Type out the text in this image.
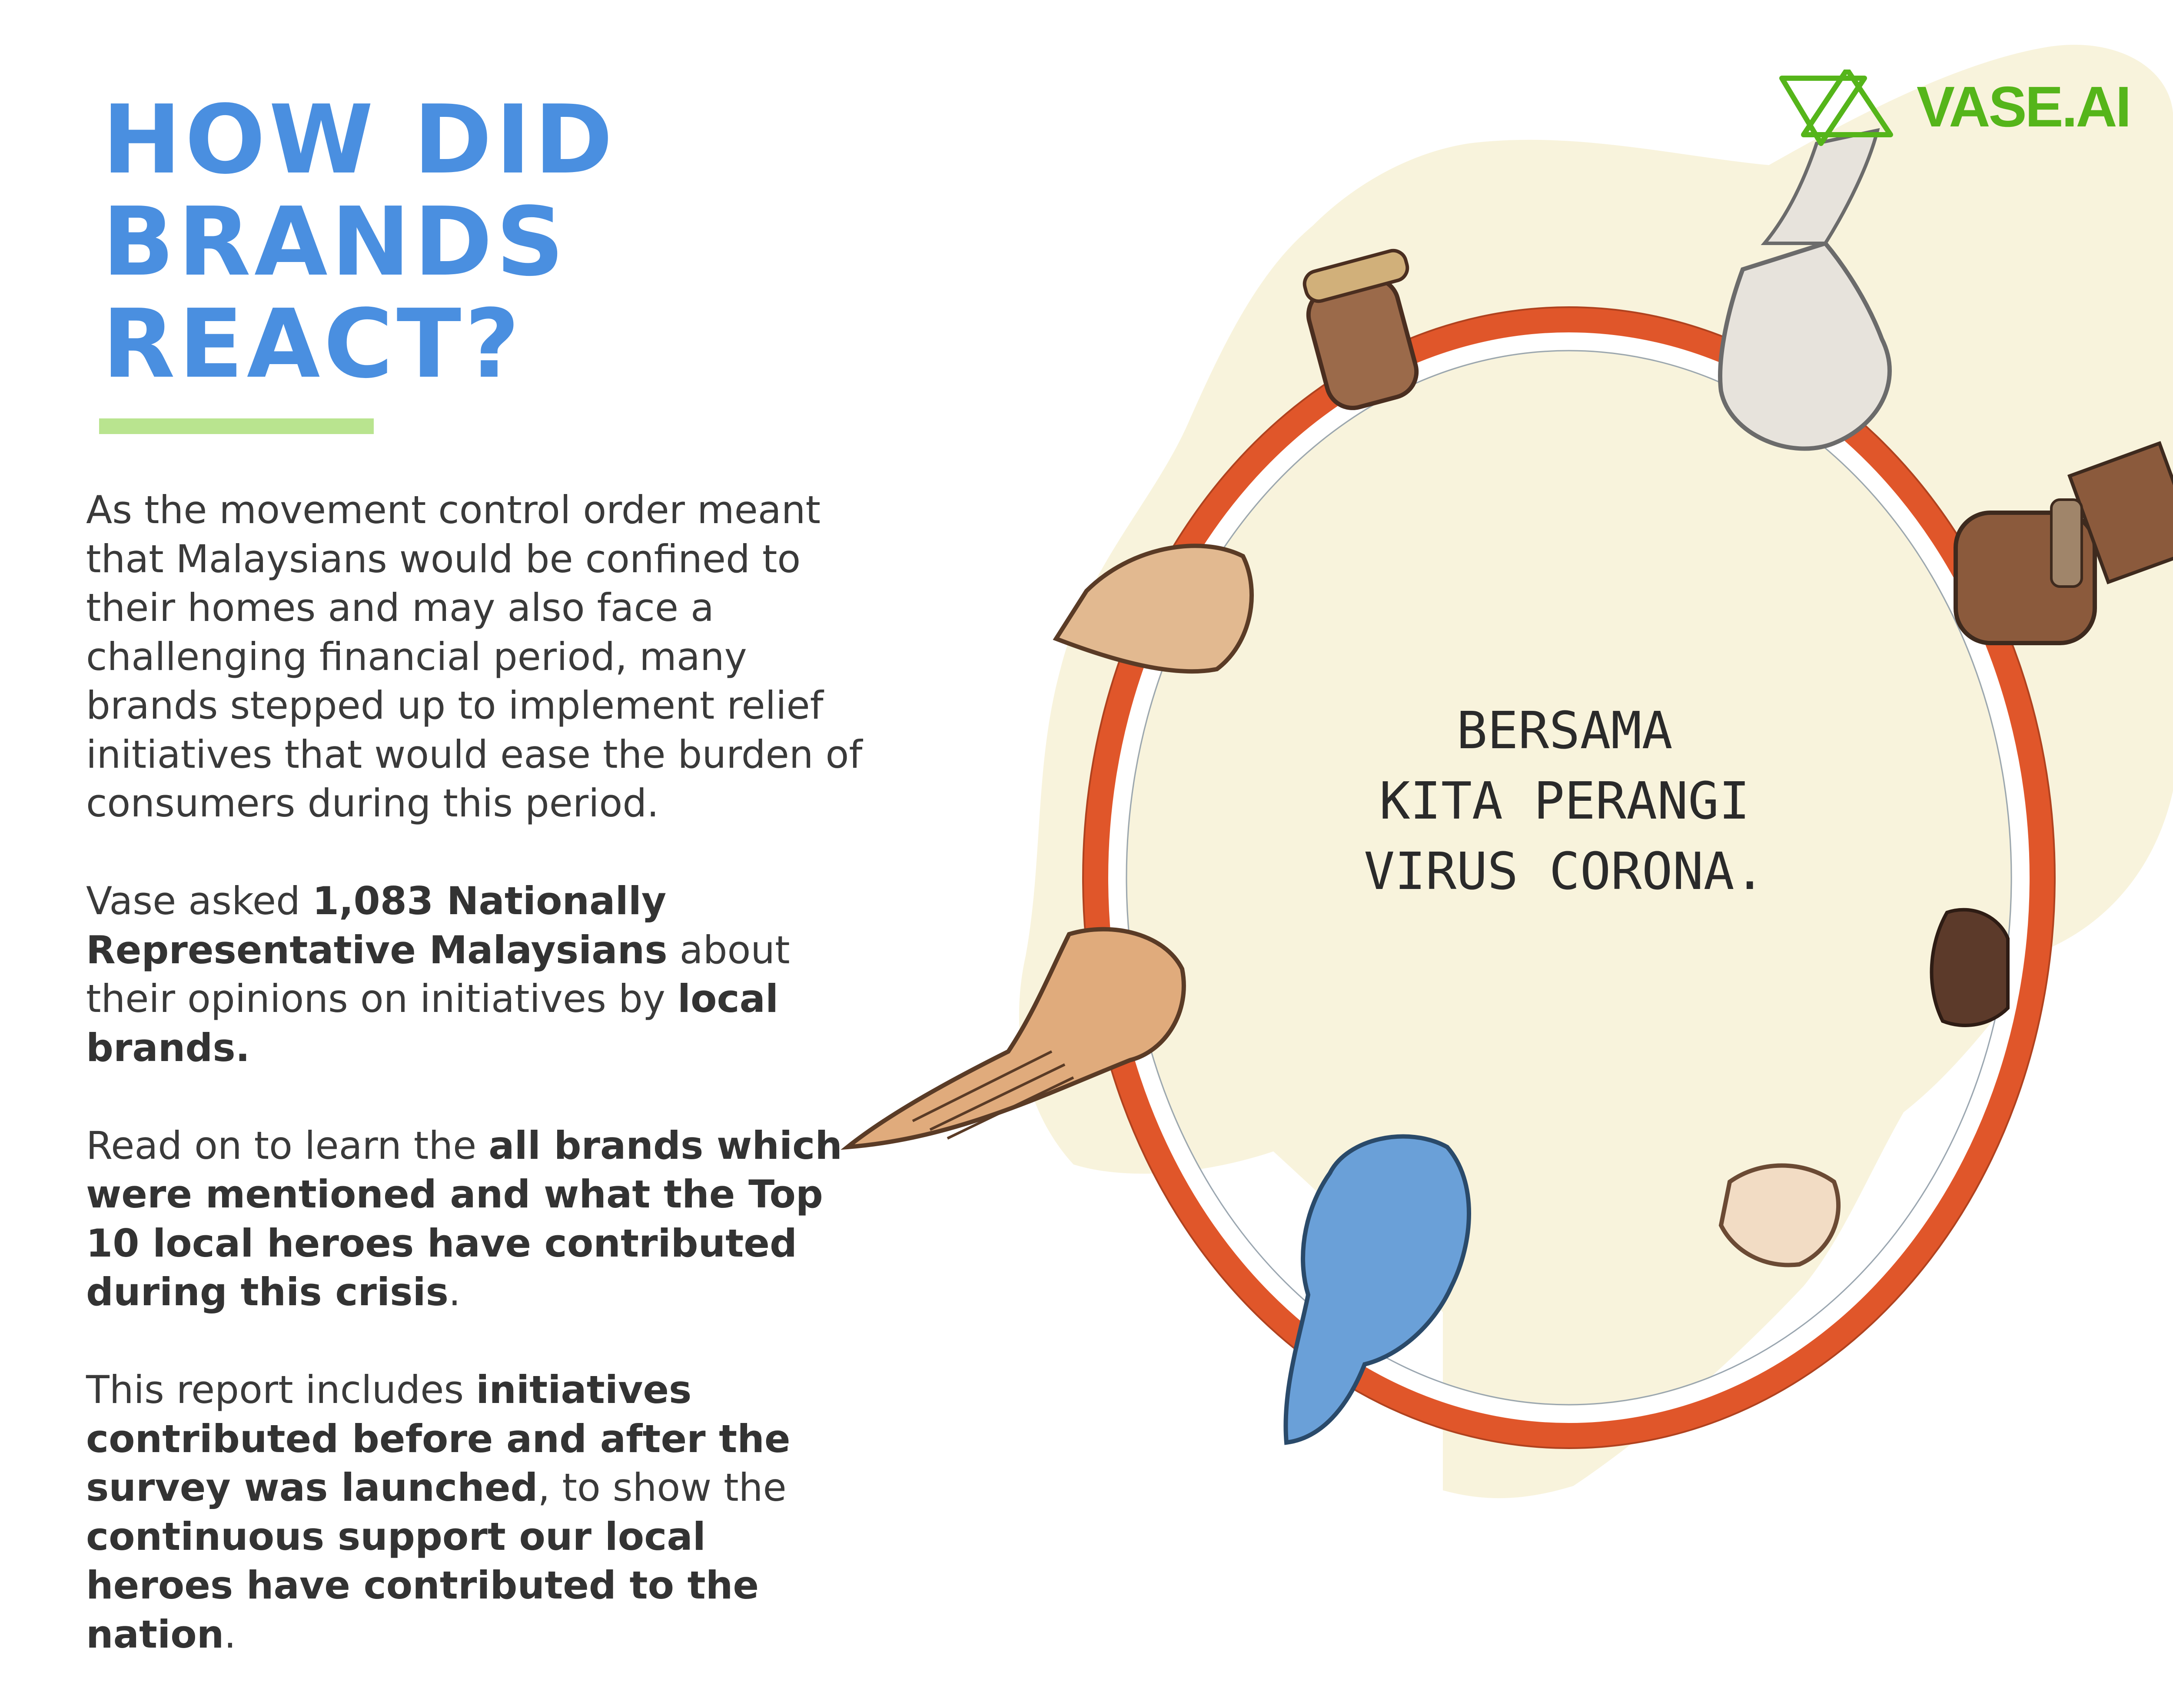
HOW DID
BRANDS
REACT?

As the movement control order meant that Malaysians would be confined to their homes and may also face a challenging financial period, many brands stepped up to implement relief initiatives that would ease the burden of consumers during this period.

Vase asked 1,083 Nationally Representative Malaysians about their opinions on initiatives by local brands.

Read on to learn the all brands which were mentioned and what the Top 10 local heroes have contributed during this crisis.

This report includes initiatives contributed before and after the survey was launched, to show the continuous support our local heroes have contributed to the nation.

BERSAMA
KITA PERANGI
VIRUS CORONA.
VASE.AI
